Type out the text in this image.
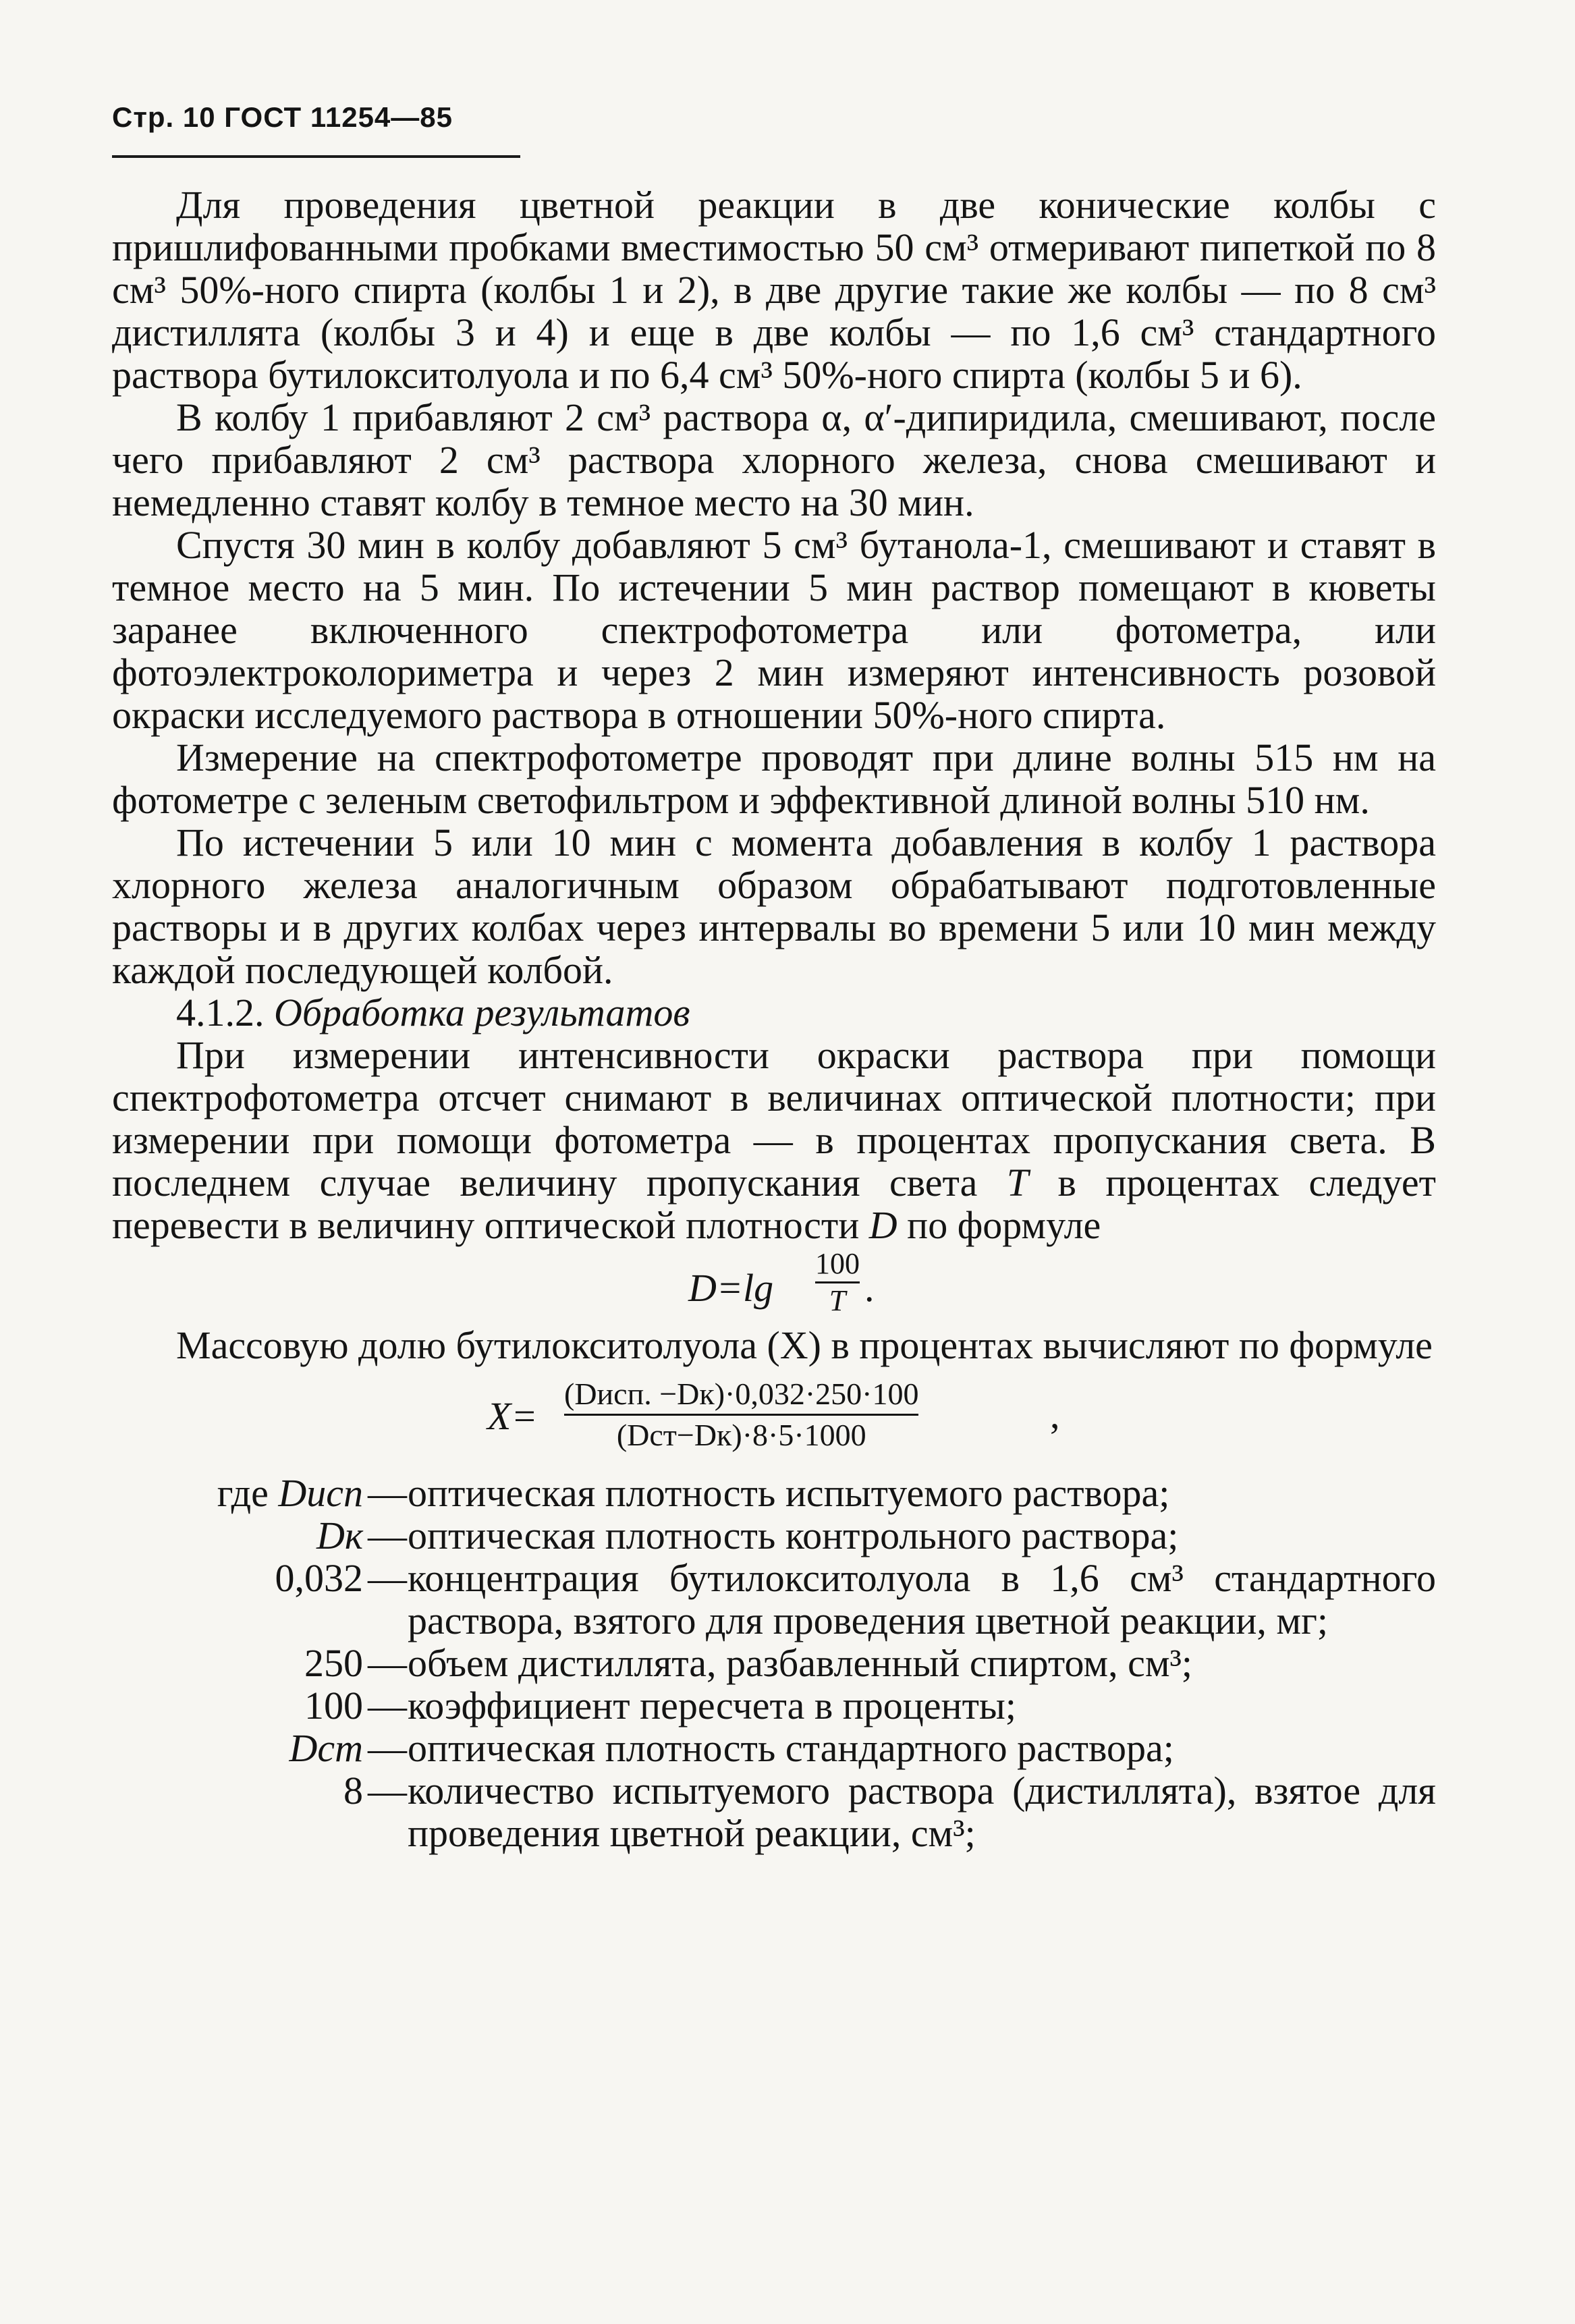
Стр. 10 ГОСТ 11254—85

Для проведения цветной реакции в две конические колбы с пришлифованными пробками вместимостью 50 см³ отмеривают пипеткой по 8 см³ 50%-ного спирта (колбы 1 и 2), в две другие такие же колбы — по 8 см³ дистиллята (колбы 3 и 4) и еще в две колбы — по 1,6 см³ стандартного раствора бутилокситолуола и по 6,4 см³ 50%-ного спирта (колбы 5 и 6).

В колбу 1 прибавляют 2 см³ раствора α, α′-дипиридила, смешивают, после чего прибавляют 2 см³ раствора хлорного железа, снова смешивают и немедленно ставят колбу в темное место на 30 мин.

Спустя 30 мин в колбу добавляют 5 см³ бутанола-1, смешивают и ставят в темное место на 5 мин. По истечении 5 мин раствор помещают в кюветы заранее включенного спектрофотометра или фотометра, или фотоэлектроколориметра и через 2 мин измеряют интенсивность розовой окраски исследуемого раствора в отношении 50%-ного спирта.

Измерение на спектрофотометре проводят при длине волны 515 нм на фотометре с зеленым светофильтром и эффективной длиной волны 510 нм.

По истечении 5 или 10 мин с момента добавления в колбу 1 раствора хлорного железа аналогичным образом обрабатывают подготовленные растворы и в других колбах через интервалы во времени 5 или 10 мин между каждой последующей колбой.

4.1.2. Обработка результатов

При измерении интенсивности окраски раствора при помощи спектрофотометра отсчет снимают в величинах оптической плотности; при измерении при помощи фотометра — в процентах пропускания света. В последнем случае величину пропускания света T в процентах следует перевести в величину оптической плотности D по формуле

D=lg
100
T .

Массовую долю бутилокситолуола (X) в процентах вычисляют по формуле

X=
(Dисп. −Dк)·0,032·250·100
(Dст−Dк)·8·5·1000	,
где Dисп — оптическая плотность испытуемого раствора;
Dк — оптическая плотность контрольного раствора;
0,032 — концентрация бутилокситолуола в 1,6 см³ стандартного раствора, взятого для проведения цветной реакции, мг;
250 — объем дистиллята, разбавленный спиртом, см³;
100 — коэффициент пересчета в проценты;
Dст — оптическая плотность стандартного раствора;
8 — количество испытуемого раствора (дистиллята), взятое для проведения цветной реакции, см³;
